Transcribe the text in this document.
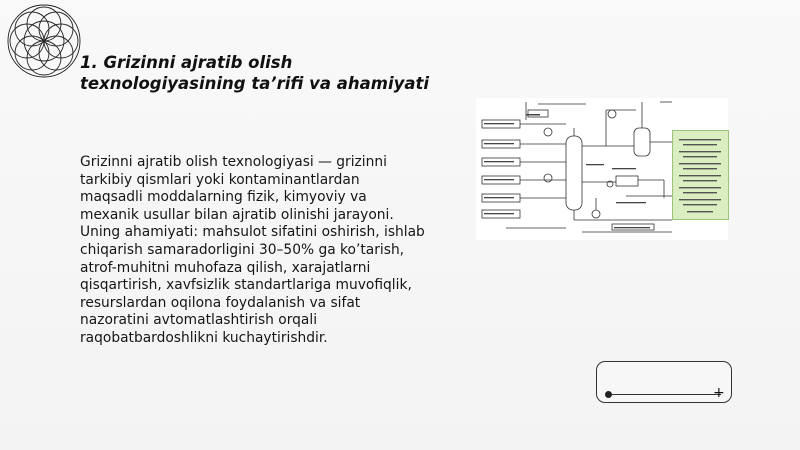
1. Grizinni ajratib olish texnologiyasining ta’rifi va ahamiyati

Grizinni ajratib olish texnologiyasi — grizinni tarkibiy qismlari yoki kontaminantlardan maqsadli moddalarning fizik, kimyoviy va mexanik usullar bilan ajratib olinishi jarayoni. Uning ahamiyati: mahsulot sifatini oshirish, ishlab chiqarish samaradorligini 30–50% ga ko’tarish, atrof-muhitni muhofaza qilish, xarajatlarni qisqartirish, xavfsizlik standartlariga muvofiqlik, resurslardan oqilona foydalanish va sifat nazoratini avtomatlashtirish orqali raqobatbardoshlikni kuchaytirishdir.

+
